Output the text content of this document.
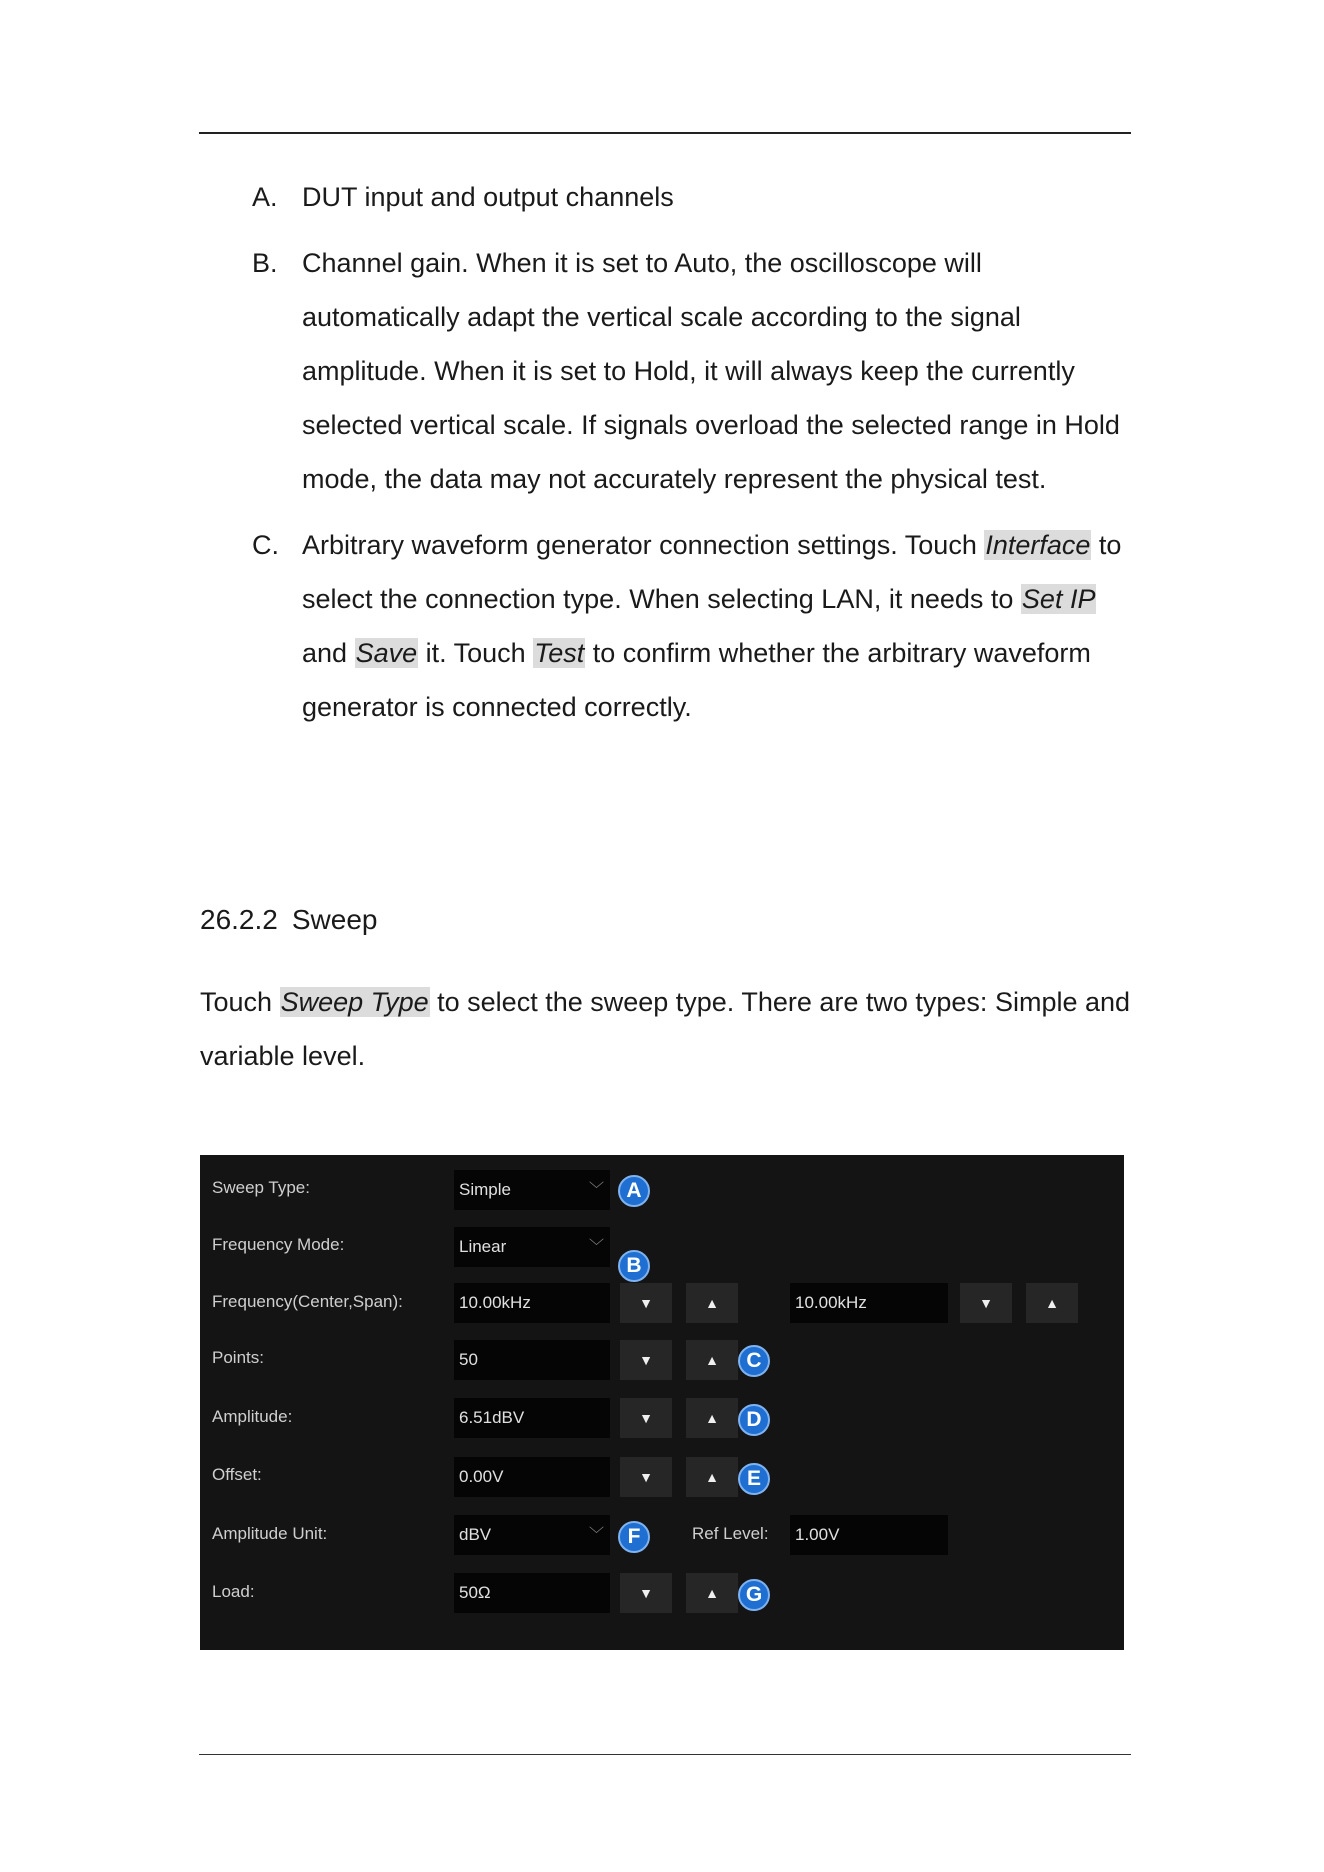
A. DUT input and output channels
B. Channel gain. When it is set to Auto, the oscilloscope will automatically adapt the vertical scale according to the signal amplitude. When it is set to Hold, it will always keep the currently selected vertical scale. If signals overload the selected range in Hold mode, the data may not accurately represent the physical test.
C. Arbitrary waveform generator connection settings. Touch Interface to select the connection type. When selecting LAN, it needs to Set IP and Save it. Touch Test to confirm whether the arbitrary waveform generator is connected correctly.
26.2.2 Sweep
Touch Sweep Type to select the sweep type. There are two types: Simple and variable level.
Sweep Type:	Simple	﹀	A
Frequency Mode:	Linear	﹀
B
Frequency(Center,Span):	10.00kHz	▼	▲	10.00kHz	▼	▲
Points:	50	▼	▲	C
Amplitude:	6.51dBV	▼	▲	D
Offset:	0.00V	▼	▲	E
Amplitude Unit:	dBV	﹀	F	Ref Level: 1.00V
Load:	50Ω	▼	▲	G
